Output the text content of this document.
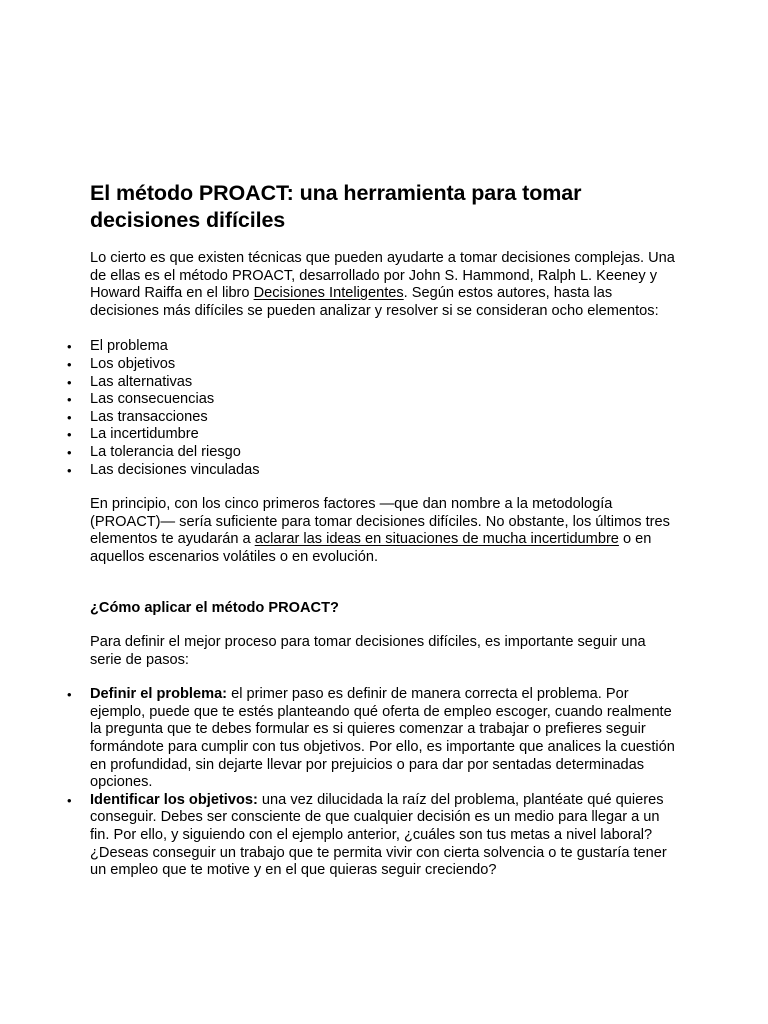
El método PROACT: una herramienta para tomar decisiones difíciles

Lo cierto es que existen técnicas que pueden ayudarte a tomar decisiones complejas. Una de ellas es el método PROACT, desarrollado por John S. Hammond, Ralph L. Keeney y Howard Raiffa en el libro Decisiones Inteligentes. Según estos autores, hasta las decisiones más difíciles se pueden analizar y resolver si se consideran ocho elementos:

• El problema
• Los objetivos
• Las alternativas
• Las consecuencias
• Las transacciones
• La incertidumbre
• La tolerancia del riesgo
• Las decisiones vinculadas

En principio, con los cinco primeros factores —que dan nombre a la metodología (PROACT)— sería suficiente para tomar decisiones difíciles. No obstante, los últimos tres elementos te ayudarán a aclarar las ideas en situaciones de mucha incertidumbre o en aquellos escenarios volátiles o en evolución.

¿Cómo aplicar el método PROACT?

Para definir el mejor proceso para tomar decisiones difíciles, es importante seguir una serie de pasos:

• Definir el problema: el primer paso es definir de manera correcta el problema. Por ejemplo, puede que te estés planteando qué oferta de empleo escoger, cuando realmente la pregunta que te debes formular es si quieres comenzar a trabajar o prefieres seguir formándote para cumplir con tus objetivos. Por ello, es importante que analices la cuestión en profundidad, sin dejarte llevar por prejuicios o para dar por sentadas determinadas opciones.
• Identificar los objetivos: una vez dilucidada la raíz del problema, plantéate qué quieres conseguir. Debes ser consciente de que cualquier decisión es un medio para llegar a un fin. Por ello, y siguiendo con el ejemplo anterior, ¿cuáles son tus metas a nivel laboral? ¿Deseas conseguir un trabajo que te permita vivir con cierta solvencia o te gustaría tener un empleo que te motive y en el que quieras seguir creciendo?
